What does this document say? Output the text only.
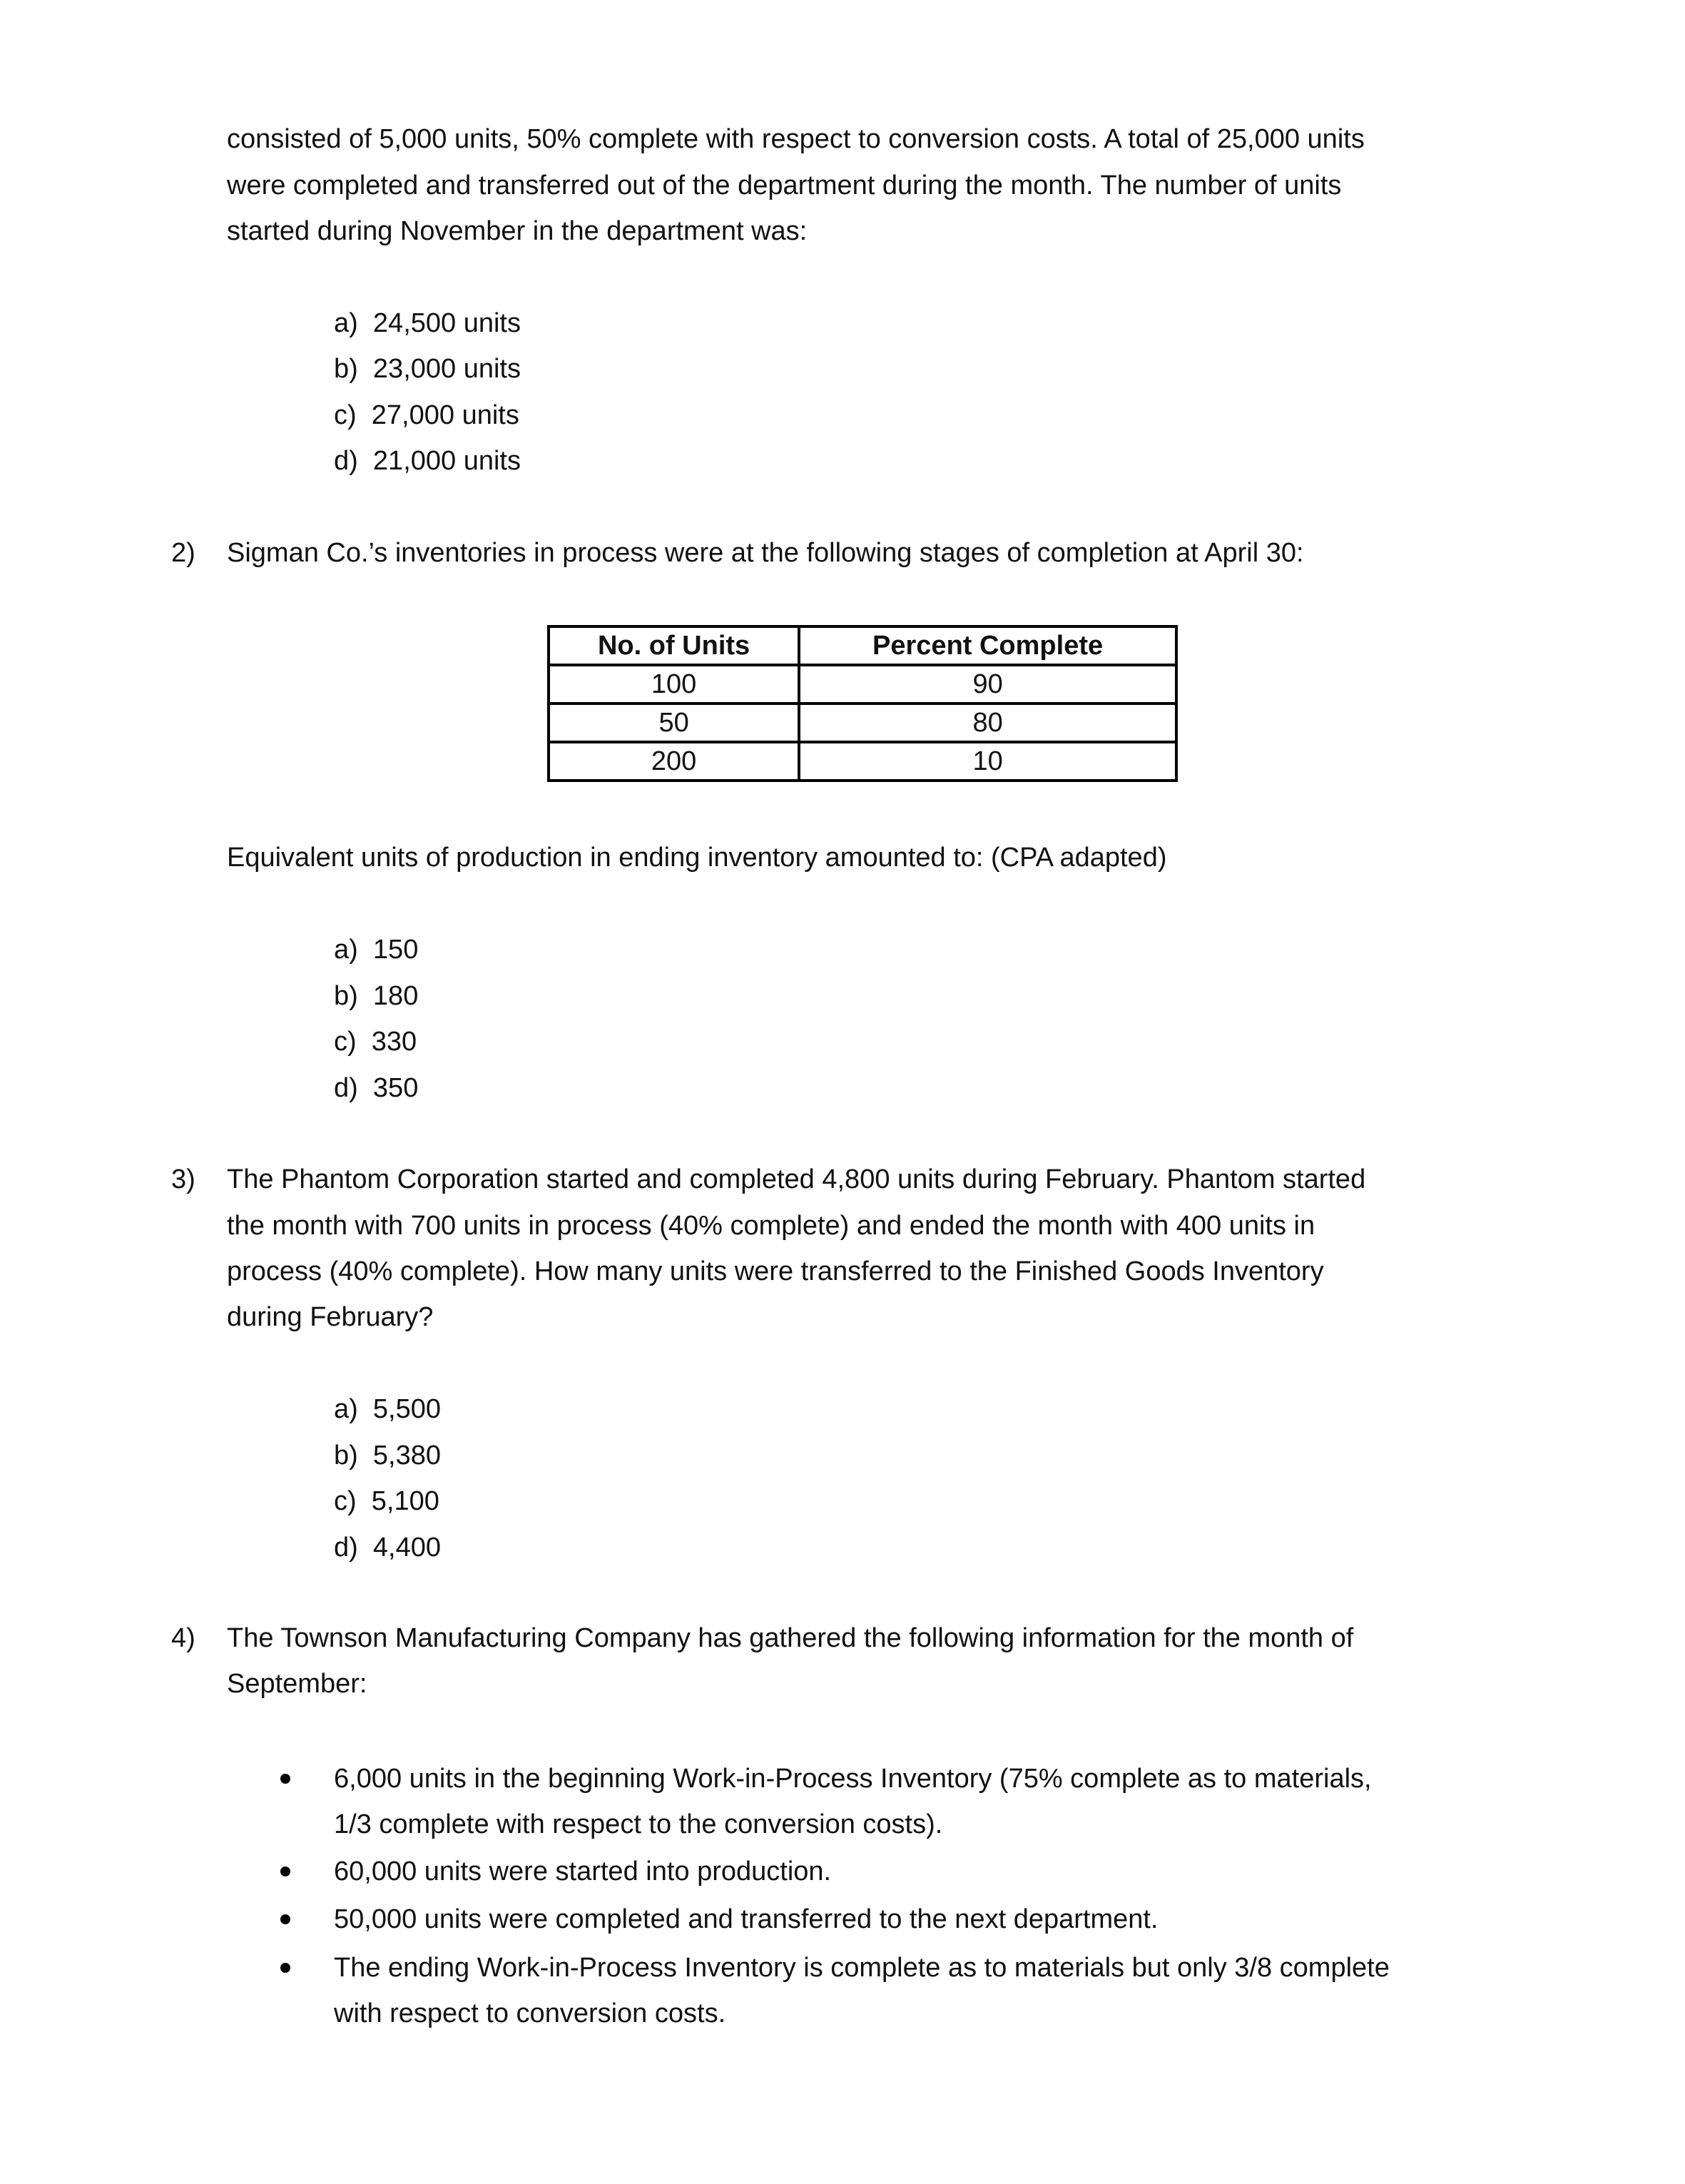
consisted of 5,000 units, 50% complete with respect to conversion costs. A total of 25,000 units
were completed and transferred out of the department during the month. The number of units
started during November in the department was:
a) 24,500 units
b) 23,000 units
c) 27,000 units
d) 21,000 units
2) Sigman Co.’s inventories in process were at the following stages of completion at April 30:
No. of Units	Percent Complete
100	90
50	80
200	10
Equivalent units of production in ending inventory amounted to: (CPA adapted)
a) 150
b) 180
c) 330
d) 350
3) The Phantom Corporation started and completed 4,800 units during February. Phantom started
the month with 700 units in process (40% complete) and ended the month with 400 units in
process (40% complete). How many units were transferred to the Finished Goods Inventory
during February?
a) 5,500
b) 5,380
c) 5,100
d) 4,400
4) The Townson Manufacturing Company has gathered the following information for the month of
September:
6,000 units in the beginning Work-in-Process Inventory (75% complete as to materials,
1/3 complete with respect to the conversion costs).
60,000 units were started into production.
50,000 units were completed and transferred to the next department.
The ending Work-in-Process Inventory is complete as to materials but only 3/8 complete
with respect to conversion costs.
